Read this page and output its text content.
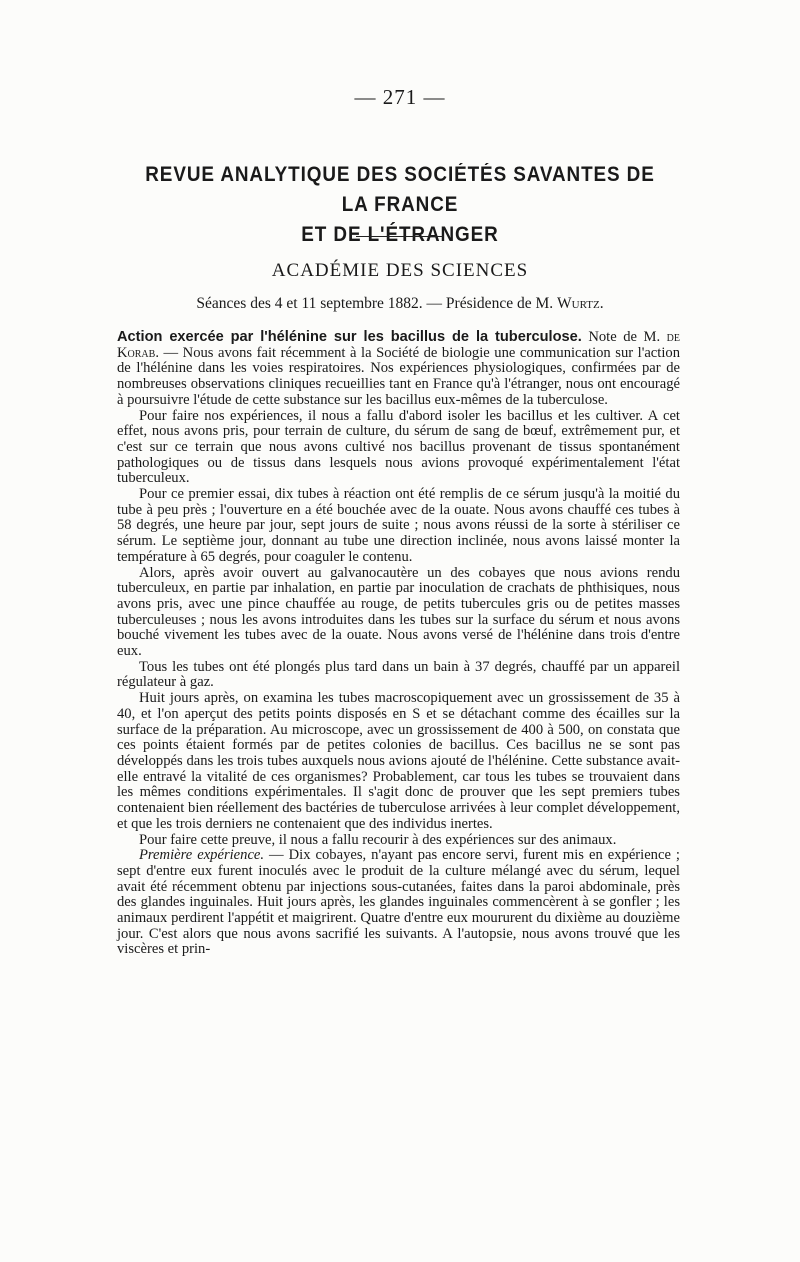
— 271 —
REVUE ANALYTIQUE DES SOCIÉTÉS SAVANTES DE LA FRANCE
ET DE L'ÉTRANGER
ACADÉMIE DES SCIENCES
Séances des 4 et 11 septembre 1882. — Présidence de M. Wurtz.

Action exercée par l'hélénine sur les bacillus de la tuberculose. Note de M. de Korab. — Nous avons fait récemment à la Société de biologie une communication sur l'action de l'hélénine dans les voies respiratoires. Nos expériences physiologiques, confirmées par de nombreuses observations cliniques recueillies tant en France qu'à l'étranger, nous ont encouragé à poursuivre l'étude de cette substance sur les bacillus eux-mêmes de la tuberculose.

Pour faire nos expériences, il nous a fallu d'abord isoler les bacillus et les cultiver. A cet effet, nous avons pris, pour terrain de culture, du sérum de sang de bœuf, extrêmement pur, et c'est sur ce terrain que nous avons cultivé nos bacillus provenant de tissus spontanément pathologiques ou de tissus dans lesquels nous avions provoqué expérimentalement l'état tuberculeux.

Pour ce premier essai, dix tubes à réaction ont été remplis de ce sérum jusqu'à la moitié du tube à peu près ; l'ouverture en a été bouchée avec de la ouate. Nous avons chauffé ces tubes à 58 degrés, une heure par jour, sept jours de suite ; nous avons réussi de la sorte à stériliser ce sérum. Le septième jour, donnant au tube une direction inclinée, nous avons laissé monter la température à 65 degrés, pour coaguler le contenu.

Alors, après avoir ouvert au galvanocautère un des cobayes que nous avions rendu tuberculeux, en partie par inhalation, en partie par inoculation de crachats de phthisiques, nous avons pris, avec une pince chauffée au rouge, de petits tubercules gris ou de petites masses tuberculeuses ; nous les avons introduites dans les tubes sur la surface du sérum et nous avons bouché vivement les tubes avec de la ouate. Nous avons versé de l'hélénine dans trois d'entre eux.

Tous les tubes ont été plongés plus tard dans un bain à 37 degrés, chauffé par un appareil régulateur à gaz.

Huit jours après, on examina les tubes macroscopiquement avec un grossissement de 35 à 40, et l'on aperçut des petits points disposés en S et se détachant comme des écailles sur la surface de la préparation. Au microscope, avec un grossissement de 400 à 500, on constata que ces points étaient formés par de petites colonies de bacillus. Ces bacillus ne se sont pas développés dans les trois tubes auxquels nous avions ajouté de l'hélénine. Cette substance avait-elle entravé la vitalité de ces organismes? Probablement, car tous les tubes se trouvaient dans les mêmes conditions expérimentales. Il s'agit donc de prouver que les sept premiers tubes contenaient bien réellement des bactéries de tuberculose arrivées à leur complet développement, et que les trois derniers ne contenaient que des individus inertes.

Pour faire cette preuve, il nous a fallu recourir à des expériences sur des animaux.

Première expérience. — Dix cobayes, n'ayant pas encore servi, furent mis en expérience ; sept d'entre eux furent inoculés avec le produit de la culture mélangé avec du sérum, lequel avait été récemment obtenu par injections sous-cutanées, faites dans la paroi abdominale, près des glandes inguinales. Huit jours après, les glandes inguinales commencèrent à se gonfler ; les animaux perdirent l'appétit et maigrirent. Quatre d'entre eux moururent du dixième au douzième jour. C'est alors que nous avons sacrifié les suivants. A l'autopsie, nous avons trouvé que les viscères et prin-
